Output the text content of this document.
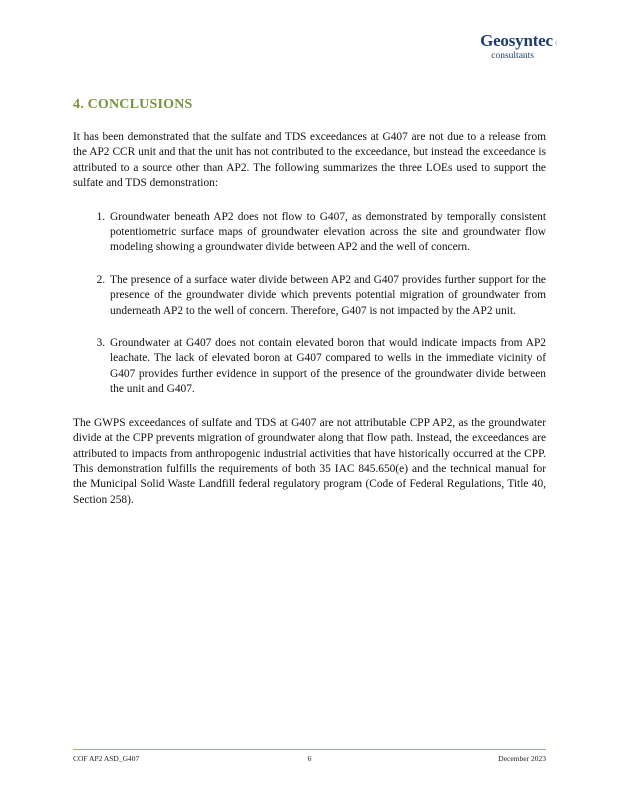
Geosyntec‹
consultants
4. CONCLUSIONS

It has been demonstrated that the sulfate and TDS exceedances at G407 are not due to a release from the AP2 CCR unit and that the unit has not contributed to the exceedance, but instead the exceedance is attributed to a source other than AP2. The following summarizes the three LOEs used to support the sulfate and TDS demonstration:

1. Groundwater beneath AP2 does not flow to G407, as demonstrated by temporally consistent potentiometric surface maps of groundwater elevation across the site and groundwater flow modeling showing a groundwater divide between AP2 and the well of concern.
2. The presence of a surface water divide between AP2 and G407 provides further support for the presence of the groundwater divide which prevents potential migration of groundwater from underneath AP2 to the well of concern. Therefore, G407 is not impacted by the AP2 unit.
3. Groundwater at G407 does not contain elevated boron that would indicate impacts from AP2 leachate. The lack of elevated boron at G407 compared to wells in the immediate vicinity of G407 provides further evidence in support of the presence of the groundwater divide between the unit and G407.

The GWPS exceedances of sulfate and TDS at G407 are not attributable CPP AP2, as the groundwater divide at the CPP prevents migration of groundwater along that flow path. Instead, the exceedances are attributed to impacts from anthropogenic industrial activities that have historically occurred at the CPP. This demonstration fulfills the requirements of both 35 IAC 845.650(e) and the technical manual for the Municipal Solid Waste Landfill federal regulatory program (Code of Federal Regulations, Title 40, Section 258).

COF AP2 ASD_G407	6	December 2023
